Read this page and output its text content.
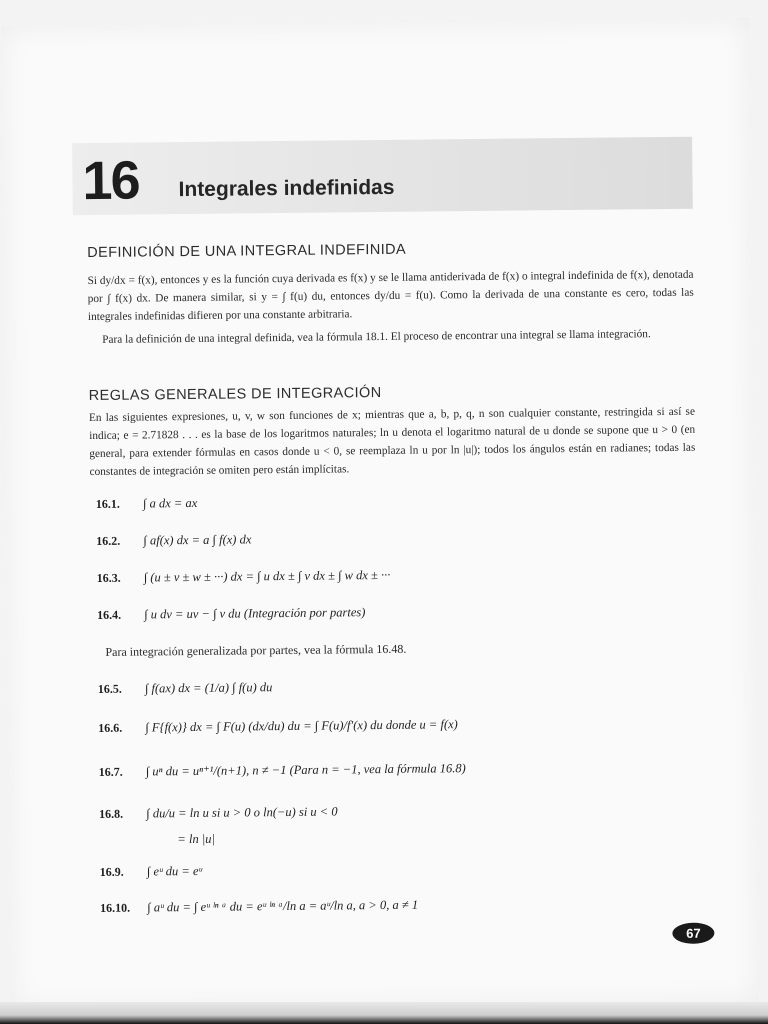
16 Integrales indefinidas
DEFINICIÓN DE UNA INTEGRAL INDEFINIDA
Si dy/dx = f(x), entonces y es la función cuya derivada es f(x) y se le llama antiderivada de f(x) o integral indefinida de f(x), denotada por ∫ f(x) dx. De manera similar, si y = ∫ f(u) du, entonces dy/du = f(u). Como la derivada de una constante es cero, todas las integrales indefinidas difieren por una constante arbitraria.
Para la definición de una integral definida, vea la fórmula 18.1. El proceso de encontrar una integral se llama integración.
REGLAS GENERALES DE INTEGRACIÓN
En las siguientes expresiones, u, v, w son funciones de x; mientras que a, b, p, q, n son cualquier constante, restringida si así se indica; e = 2.71828 . . . es la base de los logaritmos naturales; ln u denota el logaritmo natural de u donde se supone que u > 0 (en general, para extender fórmulas en casos donde u < 0, se reemplaza ln u por ln |u|); todos los ángulos están en radianes; todas las constantes de integración se omiten pero están implícitas.
16.1. ∫ a dx = ax
16.2. ∫ af(x) dx = a ∫ f(x) dx
16.3. ∫ (u ± v ± w ± ···) dx = ∫ u dx ± ∫ v dx ± ∫ w dx ± ···
16.4. ∫ u dv = uv − ∫ v du (Integración por partes)
Para integración generalizada por partes, vea la fórmula 16.48.
16.5. ∫ f(ax) dx = (1/a) ∫ f(u) du
16.6. ∫ F{f(x)} dx = ∫ F(u) (dx/du) du = ∫ F(u)/f′(x) du donde u = f(x)
16.7. ∫ uⁿ du = uⁿ⁺¹/(n+1), n ≠ −1 (Para n = −1, vea la fórmula 16.8)
16.8. ∫ du/u = ln u si u > 0 o ln(−u) si u < 0
= ln |u|
16.9. ∫ eᵘ du = eᵘ
16.10. ∫ aᵘ du = ∫ eᵘ ˡⁿ ᵃ du = eᵘ ˡⁿ ᵃ/ln a = aᵘ/ln a, a > 0, a ≠ 1
67
